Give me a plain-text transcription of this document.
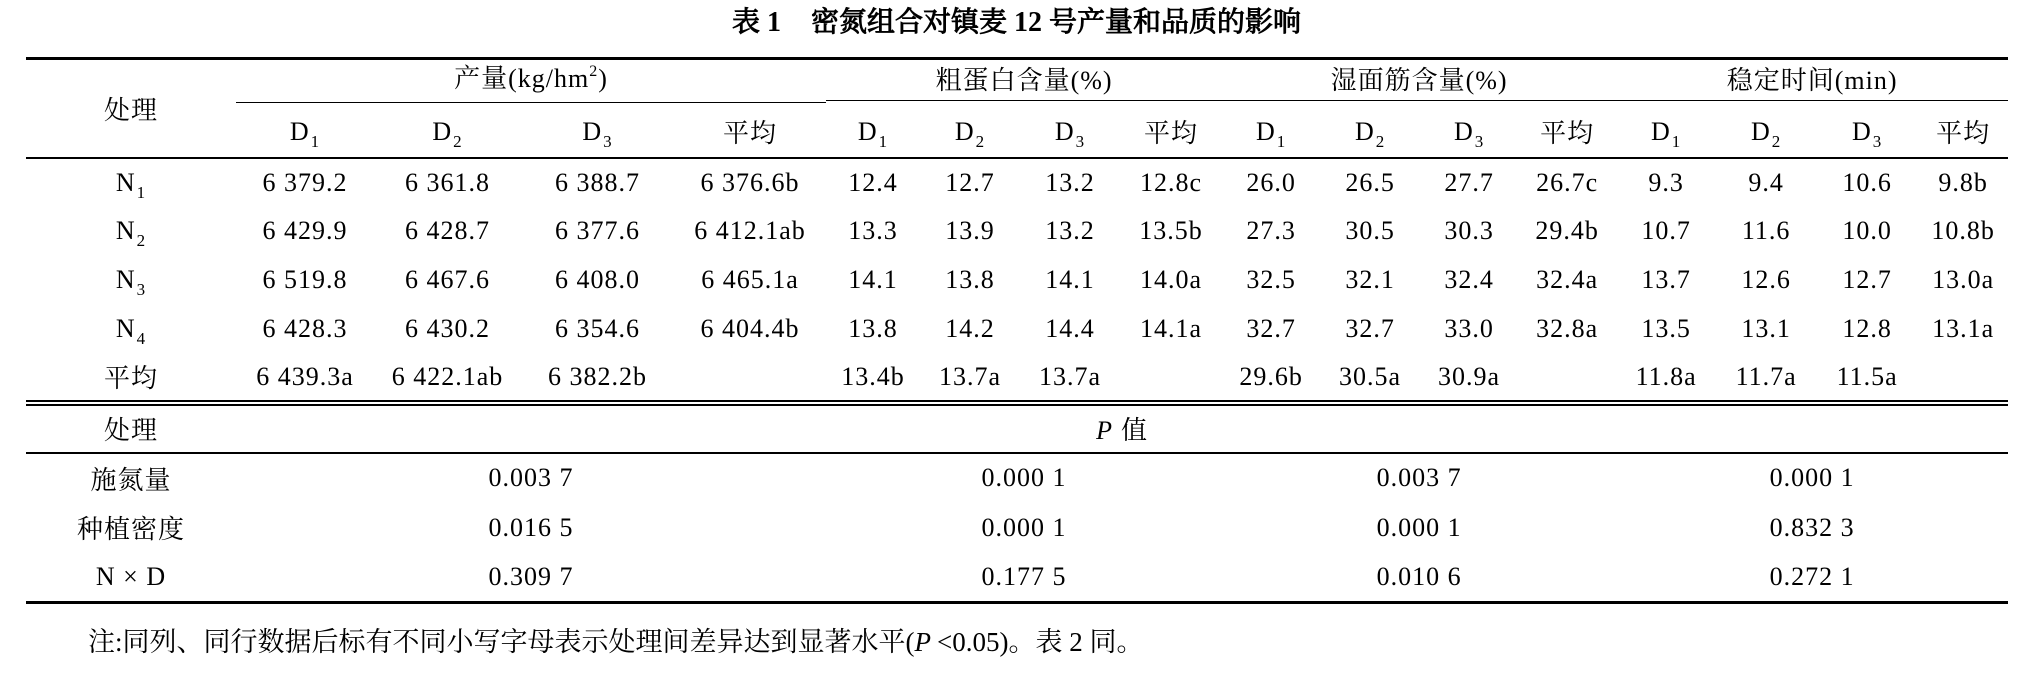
表 1 密氮组合对镇麦 12 号产量和品质的影响
处理	产量$(kg/hm^2)$				粗蛋白含量(%)				湿面筋含量(%)				稳定时间(min)			

	$D_1$	$D_2$	$D_3$	平均	$D_1$	$D_2$	$D_3$	平均	$D_1$	$D_2$	$D_3$	平均	$D_1$	$D_2$	$D_3$	平均
$N_1$	6 379.2	6 361.8	6 388.7	6 376.6b	12.4	12.7	13.2	12.8c	26.0	26.5	27.7	26.7c	9.3	9.4	10.6	9.8b
$N_2$	6 429.9	6 428.7	6 377.6	6 412.1ab	13.3	13.9	13.2	13.5b	27.3	30.5	30.3	29.4b	10.7	11.6	10.0	10.8b
$N_3$	6 519.8	6 467.6	6 408.0	6 465.1a	14.1	13.8	14.1	14.0a	32.5	32.1	32.4	32.4a	13.7	12.6	12.7	13.0a
$N_4$	6 428.3	6 430.2	6 354.6	6 404.4b	13.8	14.2	14.4	14.1a	32.7	32.7	33.0	32.8a	13.5	13.1	12.8	13.1a
平均	6 439.3a	6 422.1ab	6 382.2b		13.4b	13.7a	13.7a		29.6b	30.5a	30.9a		11.8a	11.7a	11.5a	
处理	P 值															
施氮量	0.003 7				0.000 1				0.003 7				0.000 1			
种植密度	0.016 5				0.000 1				0.000 1				0.832 3			
N × D	0.309 7				0.177 5				0.010 6				0.272 1			
注:同列、同行数据后标有不同小写字母表示处理间差异达到显著水平(P <0.05)。表 2 同。
